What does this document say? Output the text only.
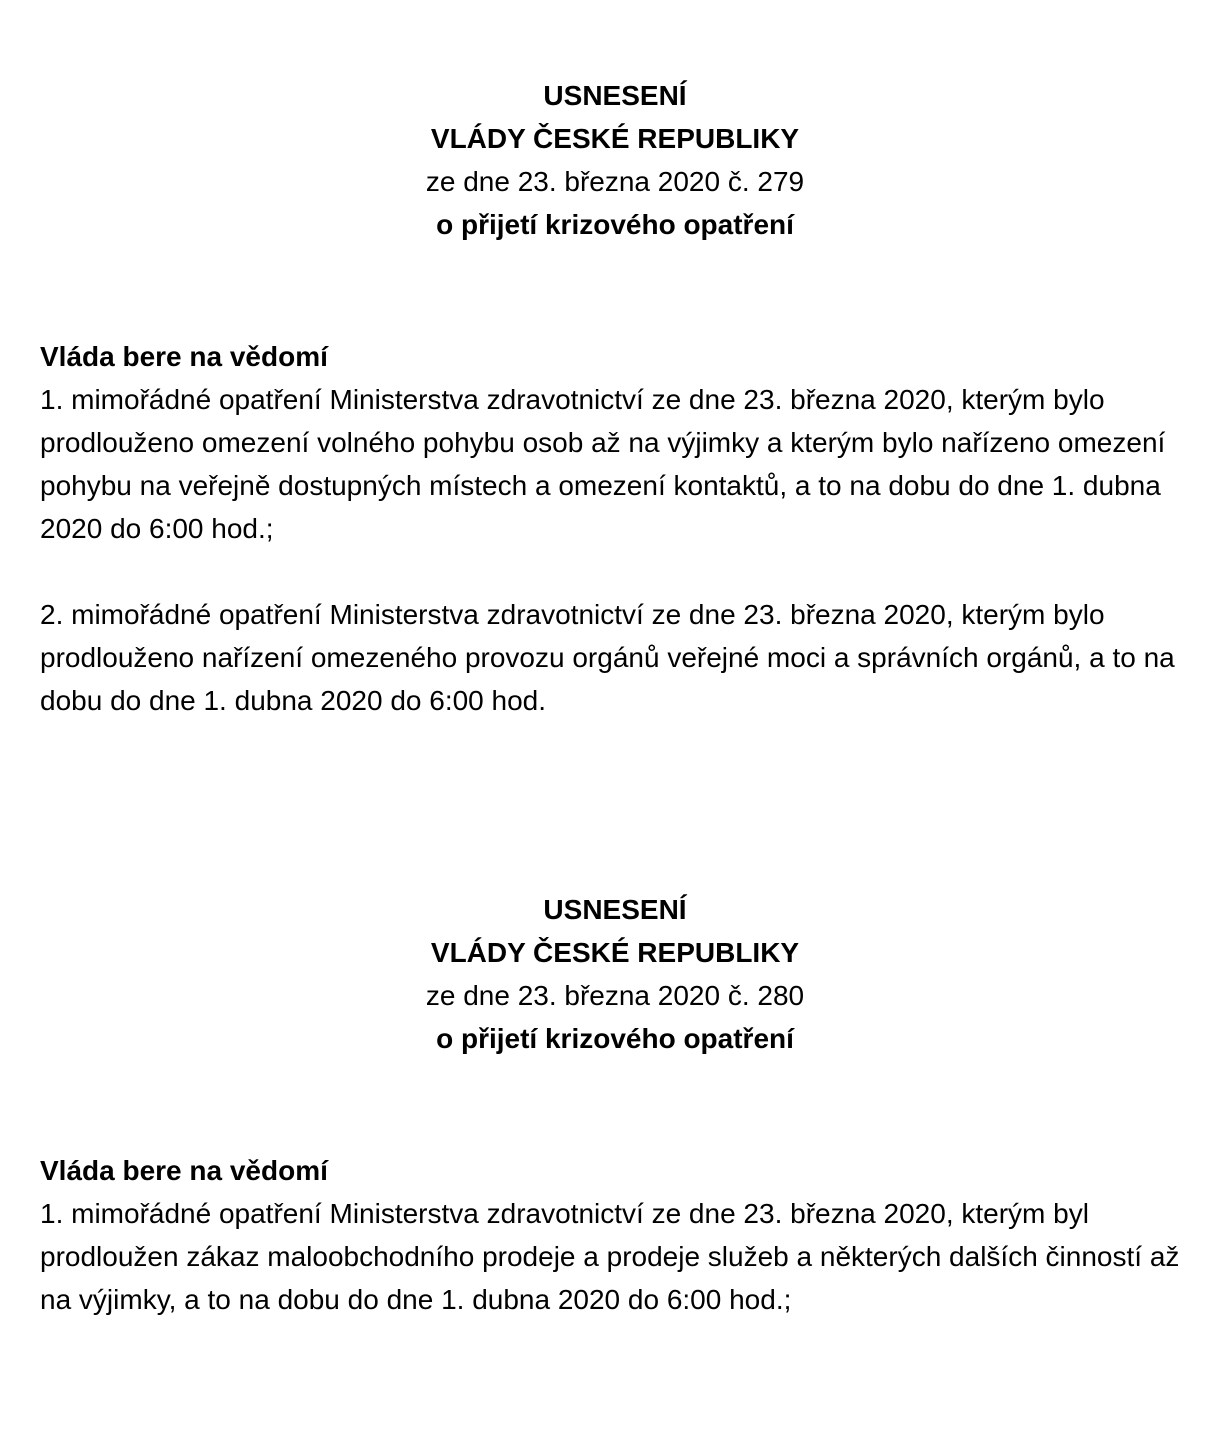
USNESENÍ
VLÁDY ČESKÉ REPUBLIKY
ze dne 23. března 2020 č. 279
o přijetí krizového opatření
Vláda bere na vědomí

1. mimořádné opatření Ministerstva zdravotnictví ze dne 23. března 2020, kterým bylo prodlouženo omezení volného pohybu osob až na výjimky a kterým bylo nařízeno omezení pohybu na veřejně dostupných místech a omezení kontaktů, a to na dobu do dne 1. dubna 2020 do 6:00 hod.;

2. mimořádné opatření Ministerstva zdravotnictví ze dne 23. března 2020, kterým bylo prodlouženo nařízení omezeného provozu orgánů veřejné moci a správních orgánů, a to na dobu do dne 1. dubna 2020 do 6:00 hod.

USNESENÍ
VLÁDY ČESKÉ REPUBLIKY
ze dne 23. března 2020 č. 280
o přijetí krizového opatření
Vláda bere na vědomí

1. mimořádné opatření Ministerstva zdravotnictví ze dne 23. března 2020, kterým byl prodloužen zákaz maloobchodního prodeje a prodeje služeb a některých dalších činností až na výjimky, a to na dobu do dne 1. dubna 2020 do 6:00 hod.;
